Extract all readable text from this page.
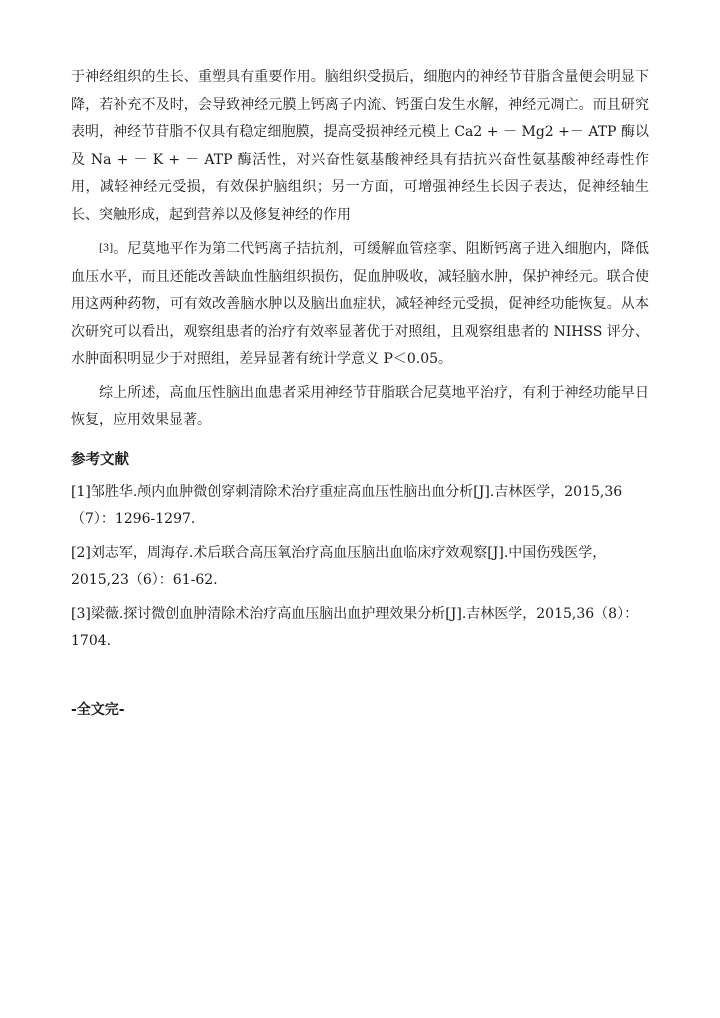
于神经组织的生长、重塑具有重要作用。脑组织受损后，细胞内的神经节苷脂含量便会明显下降，若补充不及时，会导致神经元膜上钙离子内流、钙蛋白发生水解，神经元凋亡。而且研究表明，神经节苷脂不仅具有稳定细胞膜，提高受损神经元模上 Ca2 + － Mg2 +－ ATP 酶以及 Na + － K + － ATP 酶活性，对兴奋性氨基酸神经具有拮抗兴奋性氨基酸神经毒性作用，减轻神经元受损，有效保护脑组织；另一方面，可增强神经生长因子表达，促神经轴生长、突触形成，起到营养以及修复神经的作用

[3]。尼莫地平作为第二代钙离子拮抗剂，可缓解血管痉挛、阻断钙离子进入细胞内，降低血压水平，而且还能改善缺血性脑组织损伤，促血肿吸收，减轻脑水肿，保护神经元。联合使用这两种药物，可有效改善脑水肿以及脑出血症状，减轻神经元受损，促神经功能恢复。从本次研究可以看出，观察组患者的治疗有效率显著优于对照组，且观察组患者的 NIHSS 评分、水肿面积明显少于对照组，差异显著有统计学意义 P＜0.05。

综上所述，高血压性脑出血患者采用神经节苷脂联合尼莫地平治疗，有利于神经功能早日恢复，应用效果显著。

参考文献

[1]邹胜华.颅内血肿微创穿刺清除术治疗重症高血压性脑出血分析[J].吉林医学，2015,36（7）：1296-1297.

[2]刘志军，周海存.术后联合高压氧治疗高血压脑出血临床疗效观察[J].中国伤残医学，2015,23（6）：61-62.

[3]梁薇.探讨微创血肿清除术治疗高血压脑出血护理效果分析[J].吉林医学，2015,36（8）：1704.

-全文完-
